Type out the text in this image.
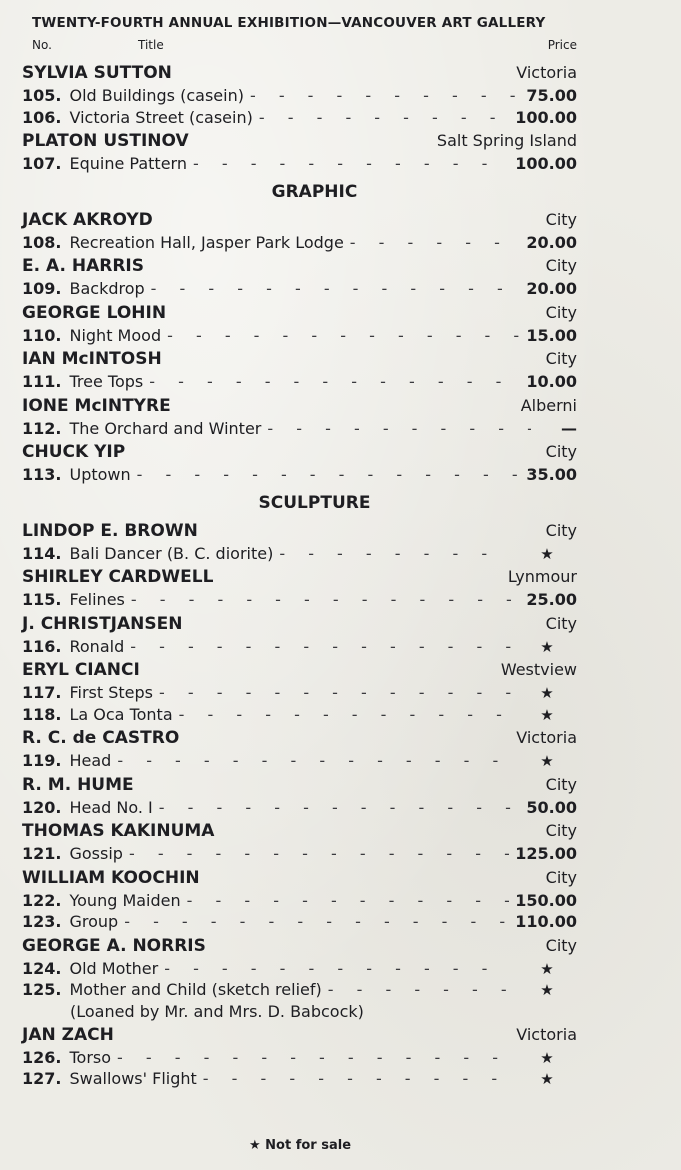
TWENTY-FOURTH ANNUAL EXHIBITION—VANCOUVER ART GALLERY
No.	Title	Price
SYLVIA SUTTON	Victoria
105. Old Buildings (casein) - - -	75.00
106. Victoria Street (casein) - - -	100.00
PLATON USTINOV	Salt Spring Island
107. Equine Pattern - - -	100.00
GRAPHIC
JACK AKROYD	City
108. Recreation Hall, Jasper Park Lodge - - -	20.00
E. A. HARRIS	City
109. Backdrop - - -	20.00
GEORGE LOHIN	City
110. Night Mood - - -	15.00
IAN McINTOSH	City
111. Tree Tops - - -	10.00
IONE McINTYRE	Alberni
112. The Orchard and Winter - - -	—
CHUCK YIP	City
113. Uptown - - -	35.00
SCULPTURE
LINDOP E. BROWN	City
114. Bali Dancer (B. C. diorite) - - -	★
SHIRLEY CARDWELL	Lynmour
115. Felines - - -	25.00
J. CHRISTJANSEN	City
116. Ronald - - -	★
ERYL CIANCI	Westview
117. First Steps - - -	★
118. La Oca Tonta - - -	★
R. C. de CASTRO	Victoria
119. Head - - -	★
R. M. HUME	City
120. Head No. I - - -	50.00
THOMAS KAKINUMA	City
121. Gossip - - -	125.00
WILLIAM KOOCHIN	City
122. Young Maiden - - -	150.00
123. Group - - -	110.00
GEORGE A. NORRIS	City
124. Old Mother - - -	★
125. Mother and Child (sketch relief) - - -	★
(Loaned by Mr. and Mrs. D. Babcock)
JAN ZACH	Victoria
126. Torso - - -	★
127. Swallows' Flight - - -	★
★ Not for sale
